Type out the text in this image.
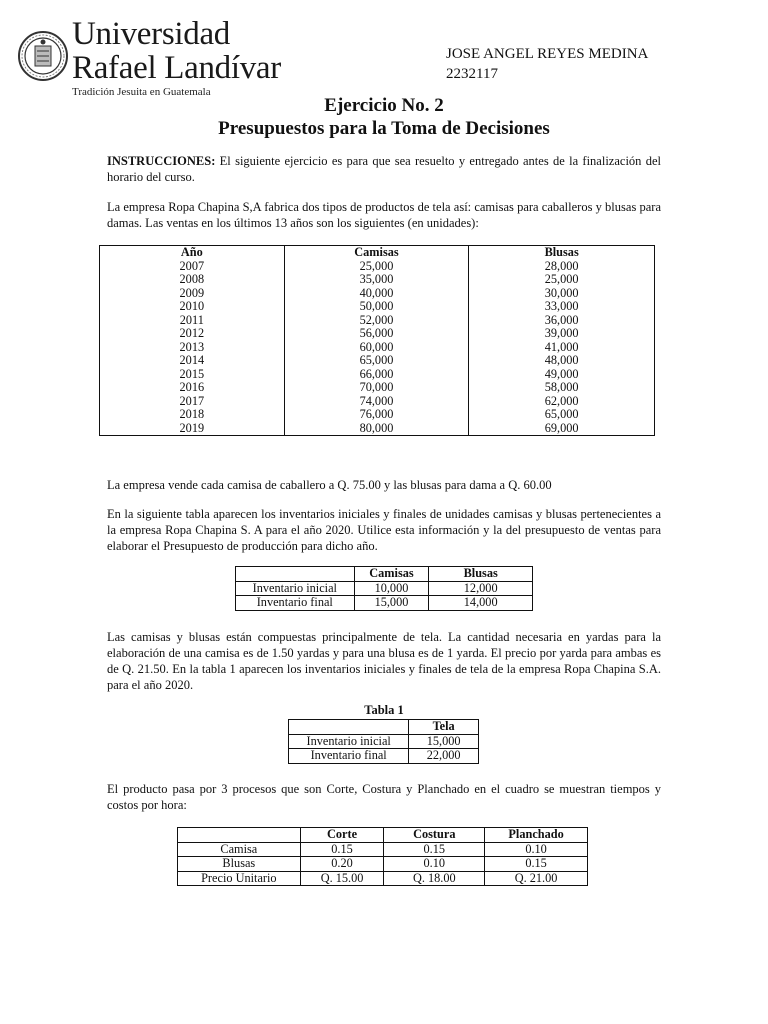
Universidad
Rafael Landívar
Tradición Jesuita en Guatemala
JOSE ANGEL REYES MEDINA
2232117
Ejercicio No. 2
Presupuestos para la Toma de Decisiones
INSTRUCCIONES: El siguiente ejercicio es para que sea resuelto y entregado antes de la finalización del horario del curso.
La empresa Ropa Chapina S,A fabrica dos tipos de productos de tela así: camisas para caballeros y blusas para damas. Las ventas en los últimos 13 años son los siguientes (en unidades):
Año	Camisas	Blusas
2007	25,000	28,000
2008	35,000	25,000
2009	40,000	30,000
2010	50,000	33,000
2011	52,000	36,000
2012	56,000	39,000
2013	60,000	41,000
2014	65,000	48,000
2015	66,000	49,000
2016	70,000	58,000
2017	74,000	62,000
2018	76,000	65,000
2019	80,000	69,000
La empresa vende cada camisa de caballero a Q. 75.00 y las blusas para dama a Q. 60.00
En la siguiente tabla aparecen los inventarios iniciales y finales de unidades camisas y blusas pertenecientes a la empresa Ropa Chapina S. A para el año 2020. Utilice esta información y la del presupuesto de ventas para elaborar el Presupuesto de producción para dicho año.
	Camisas	Blusas
Inventario inicial	10,000	12,000
Inventario final	15,000	14,000
Las camisas y blusas están compuestas principalmente de tela. La cantidad necesaria en yardas para la elaboración de una camisa es de 1.50 yardas y para una blusa es de 1 yarda. El precio por yarda para ambas es de Q. 21.50. En la tabla 1 aparecen los inventarios iniciales y finales de tela de la empresa Ropa Chapina S.A. para el año 2020.
Tabla 1
	Tela
Inventario inicial	15,000
Inventario final	22,000
El producto pasa por 3 procesos que son Corte, Costura y Planchado en el cuadro se muestran tiempos y costos por hora:
	Corte	Costura	Planchado
Camisa	0.15	0.15	0.10
Blusas	0.20	0.10	0.15
Precio Unitario	Q. 15.00	Q. 18.00	Q. 21.00
